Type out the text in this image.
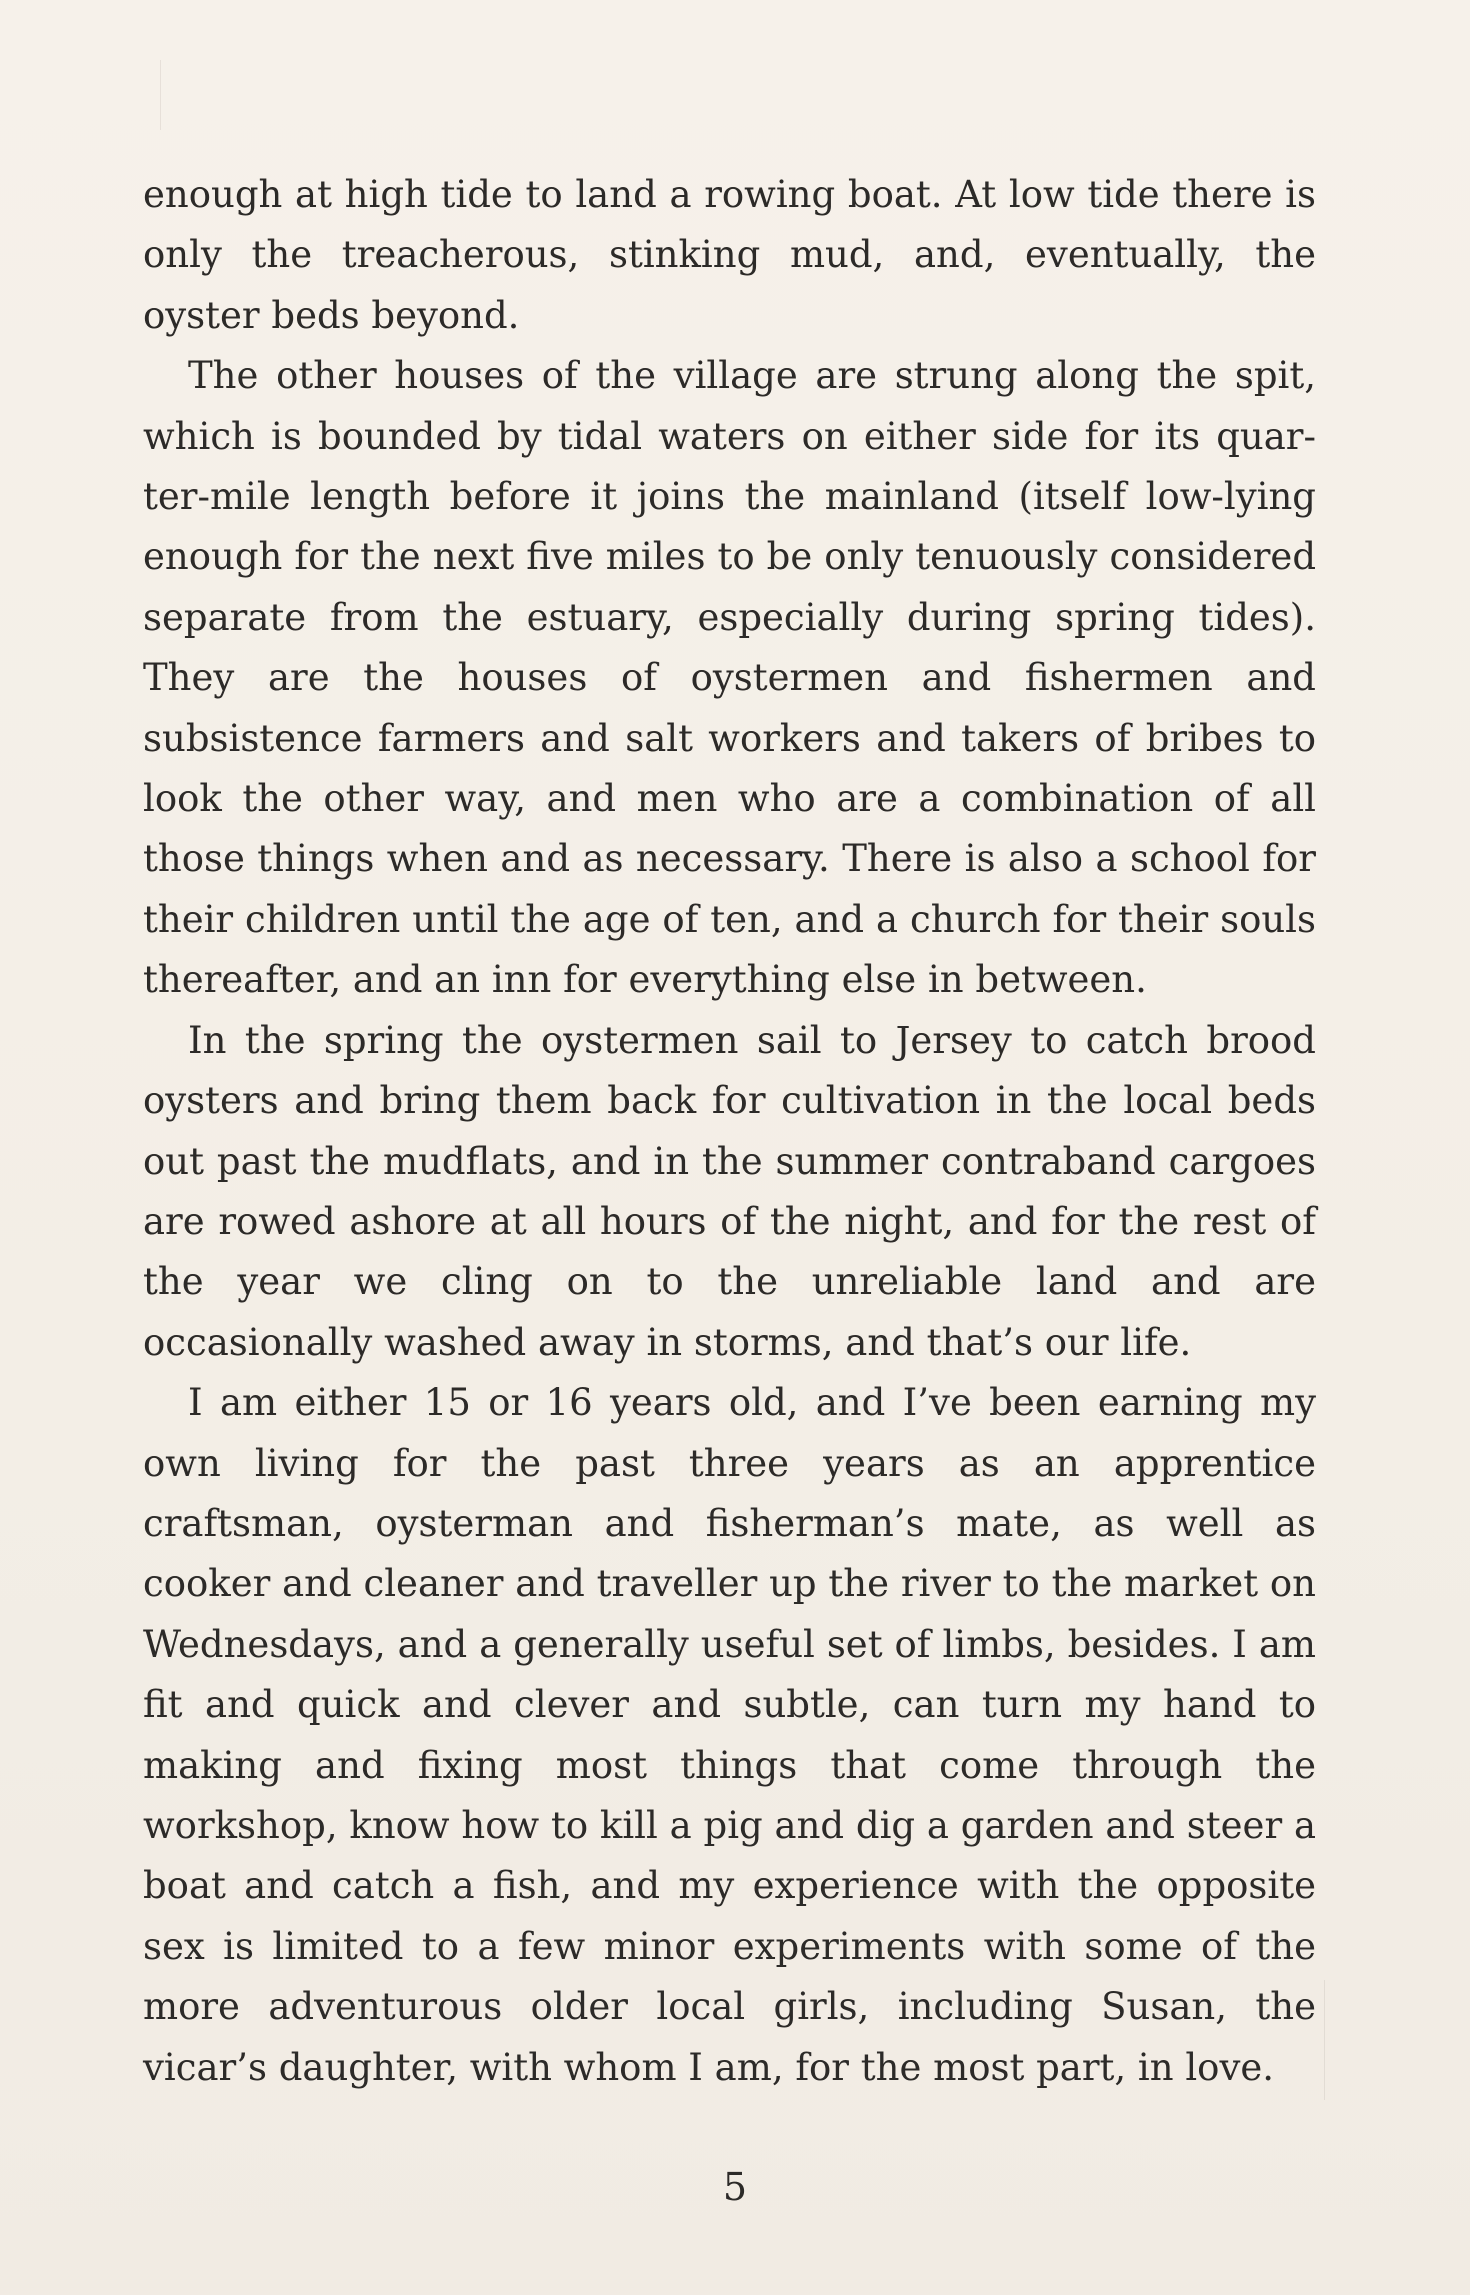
enough at high tide to land a rowing boat. At low tide there is only the treacherous, stinking mud, and, eventually, the oyster beds beyond.

The other houses of the village are strung along the spit, which is bounded by tidal waters on either side for its quarter-mile length before it joins the mainland (itself low-lying enough for the next five miles to be only tenuously considered separate from the estuary, especially during spring tides). They are the houses of oystermen and fishermen and subsistence farmers and salt workers and takers of bribes to look the other way, and men who are a combination of all those things when and as necessary. There is also a school for their children until the age of ten, and a church for their souls thereafter, and an inn for everything else in between.

In the spring the oystermen sail to Jersey to catch brood oysters and bring them back for cultivation in the local beds out past the mudflats, and in the summer contraband cargoes are rowed ashore at all hours of the night, and for the rest of the year we cling on to the unreliable land and are occasionally washed away in storms, and that’s our life.

I am either 15 or 16 years old, and I’ve been earning my own living for the past three years as an apprentice craftsman, oysterman and fisherman’s mate, as well as cooker and cleaner and traveller up the river to the market on Wednesdays, and a generally useful set of limbs, besides. I am fit and quick and clever and subtle, can turn my hand to making and fixing most things that come through the workshop, know how to kill a pig and dig a garden and steer a boat and catch a fish, and my experience with the opposite sex is limited to a few minor experiments with some of the more adventurous older local girls, including Susan, the vicar’s daughter, with whom I am, for the most part, in love.

5
